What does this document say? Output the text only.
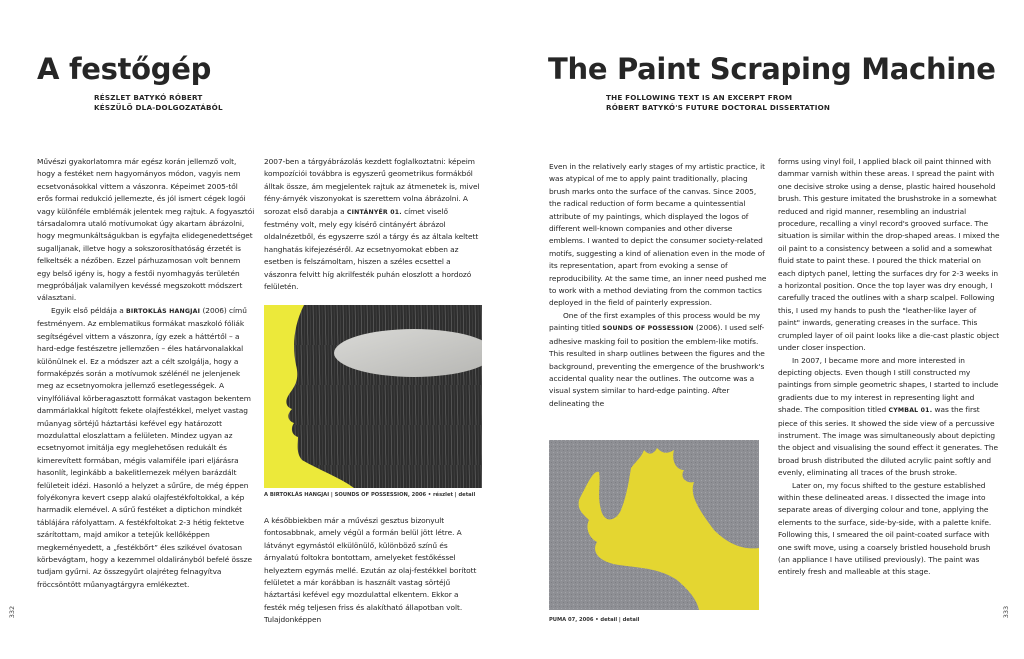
A festőgép
RÉSZLET BATYKÓ RÓBERT
KÉSZÜLŐ DLA-DOLGOZATÁBÓL

Művészi gyakorlatomra már egész korán jellemző volt, hogy a festéket nem hagyományos módon, vagyis nem ecsetvonásokkal vittem a vászonra. Képeimet 2005-től erős formai redukció jellemezte, és jól ismert cégek logói vagy különféle emblémák jelentek meg rajtuk. A fogyasztói társadalomra utaló motívumokat úgy akartam ábrázolni, hogy megmunkáltságukban is egyfajta elidegenedettséget sugalljanak, illetve hogy a sokszorosíthatóság érzetét is felkeltsék a nézőben. Ezzel párhuzamosan volt bennem egy belső igény is, hogy a festői nyomhagyás területén megpróbáljak valamilyen kevéssé megszokott módszert választani.

Egyik első példája a BIRTOKLÁS HANGJAI (2006) című festményem. Az emblematikus formákat maszkoló fóliák segítségével vittem a vászonra, így ezek a háttértől – a hard-edge festészetre jellemzően – éles határvonalakkal különülnek el. Ez a módszer azt a célt szolgálja, hogy a formaképzés során a motívumok szélénél ne jelenjenek meg az ecsetnyomokra jellemző esetlegességek. A vinylfóliával körberagasztott formákat vastagon bekentem dammárlakkal hígított fekete olajfestékkel, melyet vastag műanyag sörtéjű háztartási kefével egy határozott mozdulattal eloszlattam a felületen. Mindez ugyan az ecsetnyomot imitálja egy meglehetősen redukált és kimerevített formában, mégis valamiféle ipari eljárásra hasonlít, leginkább a bakelitlemezek mélyen barázdált felületeit idézi. Hasonló a helyzet a sűrűre, de még éppen folyékonyra kevert csepp alakú olajfestékfoltokkal, a kép harmadik elemével. A sűrű festéket a diptichon mindkét táblájára ráfolyattam. A festékfoltokat 2-3 hétig fektetve szárítottam, majd amikor a tetejük kellőképpen megkeményedett, a „festékbőrt” éles szikével óvatosan körbevágtam, hogy a kezemmel oldalirányból befelé össze tudjam gyűrni. Az összegyűrt olajréteg felnagyítva fröccsöntött műanyagtárgyra emlékeztet.

2007-ben a tárgyábrázolás kezdett foglalkoztatni: képeim kompozíciói továbbra is egyszerű geometrikus formákból álltak össze, ám megjelentek rajtuk az átmenetek is, mivel fény-árnyék viszonyokat is szerettem volna ábrázolni. A sorozat első darabja a CINTÁNYÉR 01. címet viselő festmény volt, mely egy kísérő cintányért ábrázol oldalnézetből, és egyszerre szól a tárgy és az általa keltett hanghatás kifejezéséről. Az ecsetnyomokat ebben az esetben is felszámoltam, hiszen a széles ecsettel a vászonra felvitt híg akrilfesték puhán eloszlott a hordozó felületén.

A BIRTOKLÁS HANGJAI | SOUNDS OF POSSESSION, 2006 • részlet | detail

A későbbiekben már a művészi gesztus bizonyult fontosabbnak, amely végül a formán belül jött létre. A látványt egymástól elkülönülő, különböző színű és árnyalatú foltokra bontottam, amelyeket festőkéssel helyeztem egymás mellé. Ezután az olaj-festékkel borított felületet a már korábban is használt vastag sörtéjű háztartási kefével egy mozdulattal elkentem. Ekkor a festék még teljesen friss és alakítható állapotban volt. Tulajdonképpen

332
The Paint Scraping Machine
THE FOLLOWING TEXT IS AN EXCERPT FROM
RÓBERT BATYKÓ'S FUTURE DOCTORAL DISSERTATION

Even in the relatively early stages of my artistic practice, it was atypical of me to apply paint traditionally, placing brush marks onto the surface of the canvas. Since 2005, the radical reduction of form became a quintessential attribute of my paintings, which displayed the logos of different well-known companies and other diverse emblems. I wanted to depict the consumer society-related motifs, suggesting a kind of alienation even in the mode of its representation, apart from evoking a sense of reproducibility. At the same time, an inner need pushed me to work with a method deviating from the common tactics deployed in the field of painterly expression.

One of the first examples of this process would be my painting titled SOUNDS OF POSSESSION (2006). I used self-adhesive masking foil to position the emblem-like motifs. This resulted in sharp outlines between the figures and the background, preventing the emergence of the brushwork's accidental quality near the outlines. The outcome was a visual system similar to hard-edge painting. After delineating the

PUMA 07, 2006 • detail | detail

forms using vinyl foil, I applied black oil paint thinned with dammar varnish within these areas. I spread the paint with one decisive stroke using a dense, plastic haired household brush. This gesture imitated the brushstroke in a somewhat reduced and rigid manner, resembling an industrial procedure, recalling a vinyl record's grooved surface. The situation is similar within the drop-shaped areas. I mixed the oil paint to a consistency between a solid and a somewhat fluid state to paint these. I poured the thick material on each diptych panel, letting the surfaces dry for 2-3 weeks in a horizontal position. Once the top layer was dry enough, I carefully traced the outlines with a sharp scalpel. Following this, I used my hands to push the "leather-like layer of paint" inwards, generating creases in the surface. This crumpled layer of oil paint looks like a die-cast plastic object under closer inspection.

In 2007, I became more and more interested in depicting objects. Even though I still constructed my paintings from simple geometric shapes, I started to include gradients due to my interest in representing light and shade. The composition titled CYMBAL 01. was the first piece of this series. It showed the side view of a percussive instrument. The image was simultaneously about depicting the object and visualising the sound effect it generates. The broad brush distributed the diluted acrylic paint softly and evenly, eliminating all traces of the brush stroke.

Later on, my focus shifted to the gesture established within these delineated areas. I dissected the image into separate areas of diverging colour and tone, applying the elements to the surface, side-by-side, with a palette knife. Following this, I smeared the oil paint-coated surface with one swift move, using a coarsely bristled household brush (an appliance I have utilised previously). The paint was entirely fresh and malleable at this stage.

333
